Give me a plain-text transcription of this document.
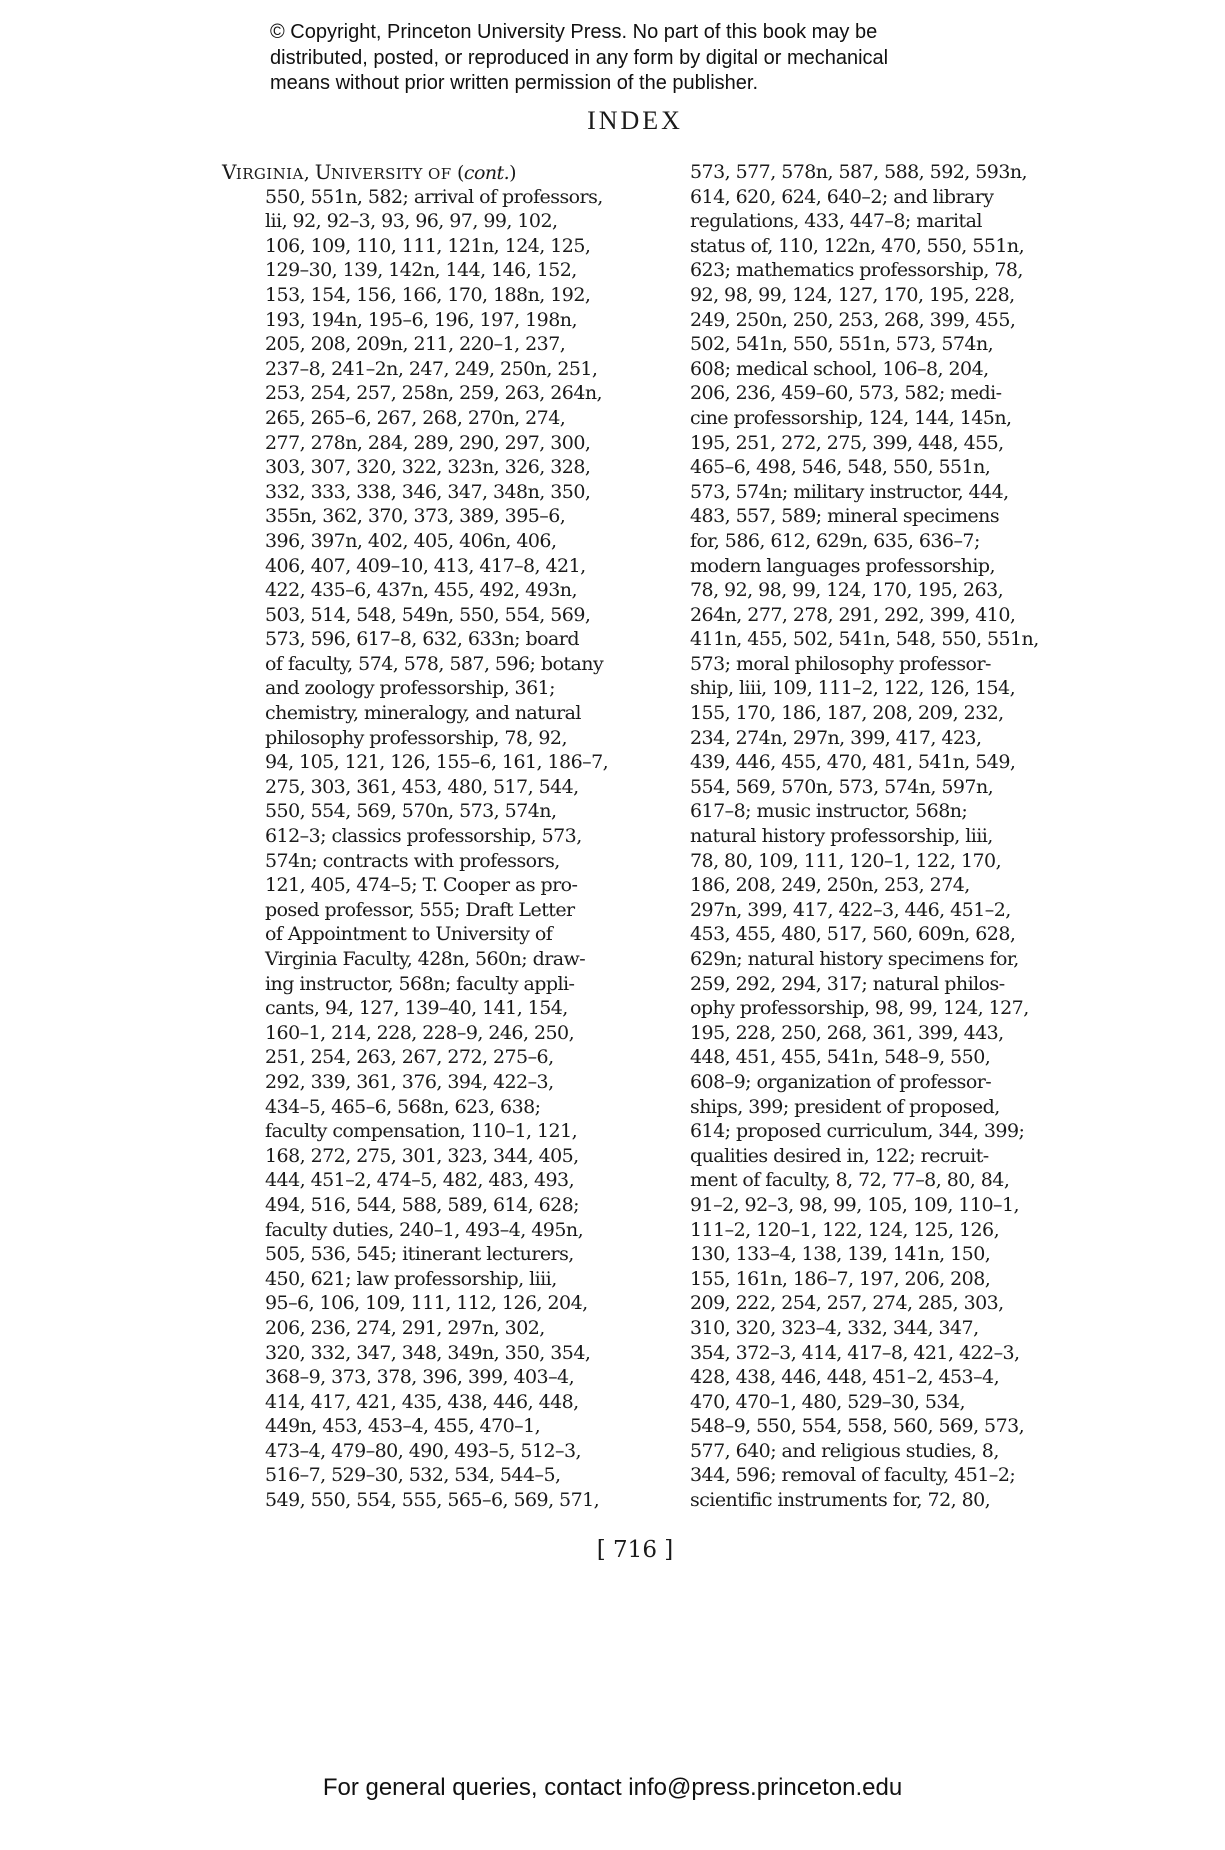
© Copyright, Princeton University Press. No part of this book may be
distributed, posted, or reproduced in any form by digital or mechanical
means without prior written permission of the publisher.
INDEX
VIRGINIA, UNIVERSITY OF (cont.)
550, 551n, 582; arrival of professors,
lii, 92, 92–3, 93, 96, 97, 99, 102,
106, 109, 110, 111, 121n, 124, 125,
129–30, 139, 142n, 144, 146, 152,
153, 154, 156, 166, 170, 188n, 192,
193, 194n, 195–6, 196, 197, 198n,
205, 208, 209n, 211, 220–1, 237,
237–8, 241–2n, 247, 249, 250n, 251,
253, 254, 257, 258n, 259, 263, 264n,
265, 265–6, 267, 268, 270n, 274,
277, 278n, 284, 289, 290, 297, 300,
303, 307, 320, 322, 323n, 326, 328,
332, 333, 338, 346, 347, 348n, 350,
355n, 362, 370, 373, 389, 395–6,
396, 397n, 402, 405, 406n, 406,
406, 407, 409–10, 413, 417–8, 421,
422, 435–6, 437n, 455, 492, 493n,
503, 514, 548, 549n, 550, 554, 569,
573, 596, 617–8, 632, 633n; board
of faculty, 574, 578, 587, 596; botany
and zoology professorship, 361;
chemistry, mineralogy, and natural
philosophy professorship, 78, 92,
94, 105, 121, 126, 155–6, 161, 186–7,
275, 303, 361, 453, 480, 517, 544,
550, 554, 569, 570n, 573, 574n,
612–3; classics professorship, 573,
574n; contracts with professors,
121, 405, 474–5; T. Cooper as pro-
posed professor, 555; Draft Letter
of Appointment to University of
Virginia Faculty, 428n, 560n; draw-
ing instructor, 568n; faculty appli-
cants, 94, 127, 139–40, 141, 154,
160–1, 214, 228, 228–9, 246, 250,
251, 254, 263, 267, 272, 275–6,
292, 339, 361, 376, 394, 422–3,
434–5, 465–6, 568n, 623, 638;
faculty compensation, 110–1, 121,
168, 272, 275, 301, 323, 344, 405,
444, 451–2, 474–5, 482, 483, 493,
494, 516, 544, 588, 589, 614, 628;
faculty duties, 240–1, 493–4, 495n,
505, 536, 545; itinerant lecturers,
450, 621; law professorship, liii,
95–6, 106, 109, 111, 112, 126, 204,
206, 236, 274, 291, 297n, 302,
320, 332, 347, 348, 349n, 350, 354,
368–9, 373, 378, 396, 399, 403–4,
414, 417, 421, 435, 438, 446, 448,
449n, 453, 453–4, 455, 470–1,
473–4, 479–80, 490, 493–5, 512–3,
516–7, 529–30, 532, 534, 544–5,
549, 550, 554, 555, 565–6, 569, 571,
573, 577, 578n, 587, 588, 592, 593n,
614, 620, 624, 640–2; and library
regulations, 433, 447–8; marital
status of, 110, 122n, 470, 550, 551n,
623; mathematics professorship, 78,
92, 98, 99, 124, 127, 170, 195, 228,
249, 250n, 250, 253, 268, 399, 455,
502, 541n, 550, 551n, 573, 574n,
608; medical school, 106–8, 204,
206, 236, 459–60, 573, 582; medi-
cine professorship, 124, 144, 145n,
195, 251, 272, 275, 399, 448, 455,
465–6, 498, 546, 548, 550, 551n,
573, 574n; military instructor, 444,
483, 557, 589; mineral specimens
for, 586, 612, 629n, 635, 636–7;
modern languages professorship,
78, 92, 98, 99, 124, 170, 195, 263,
264n, 277, 278, 291, 292, 399, 410,
411n, 455, 502, 541n, 548, 550, 551n,
573; moral philosophy professor-
ship, liii, 109, 111–2, 122, 126, 154,
155, 170, 186, 187, 208, 209, 232,
234, 274n, 297n, 399, 417, 423,
439, 446, 455, 470, 481, 541n, 549,
554, 569, 570n, 573, 574n, 597n,
617–8; music instructor, 568n;
natural history professorship, liii,
78, 80, 109, 111, 120–1, 122, 170,
186, 208, 249, 250n, 253, 274,
297n, 399, 417, 422–3, 446, 451–2,
453, 455, 480, 517, 560, 609n, 628,
629n; natural history specimens for,
259, 292, 294, 317; natural philos-
ophy professorship, 98, 99, 124, 127,
195, 228, 250, 268, 361, 399, 443,
448, 451, 455, 541n, 548–9, 550,
608–9; organization of professor-
ships, 399; president of proposed,
614; proposed curriculum, 344, 399;
qualities desired in, 122; recruit-
ment of faculty, 8, 72, 77–8, 80, 84,
91–2, 92–3, 98, 99, 105, 109, 110–1,
111–2, 120–1, 122, 124, 125, 126,
130, 133–4, 138, 139, 141n, 150,
155, 161n, 186–7, 197, 206, 208,
209, 222, 254, 257, 274, 285, 303,
310, 320, 323–4, 332, 344, 347,
354, 372–3, 414, 417–8, 421, 422–3,
428, 438, 446, 448, 451–2, 453–4,
470, 470–1, 480, 529–30, 534,
548–9, 550, 554, 558, 560, 569, 573,
577, 640; and religious studies, 8,
344, 596; removal of faculty, 451–2;
scientific instruments for, 72, 80,
[ 716 ]
For general queries, contact info@press.princeton.edu
